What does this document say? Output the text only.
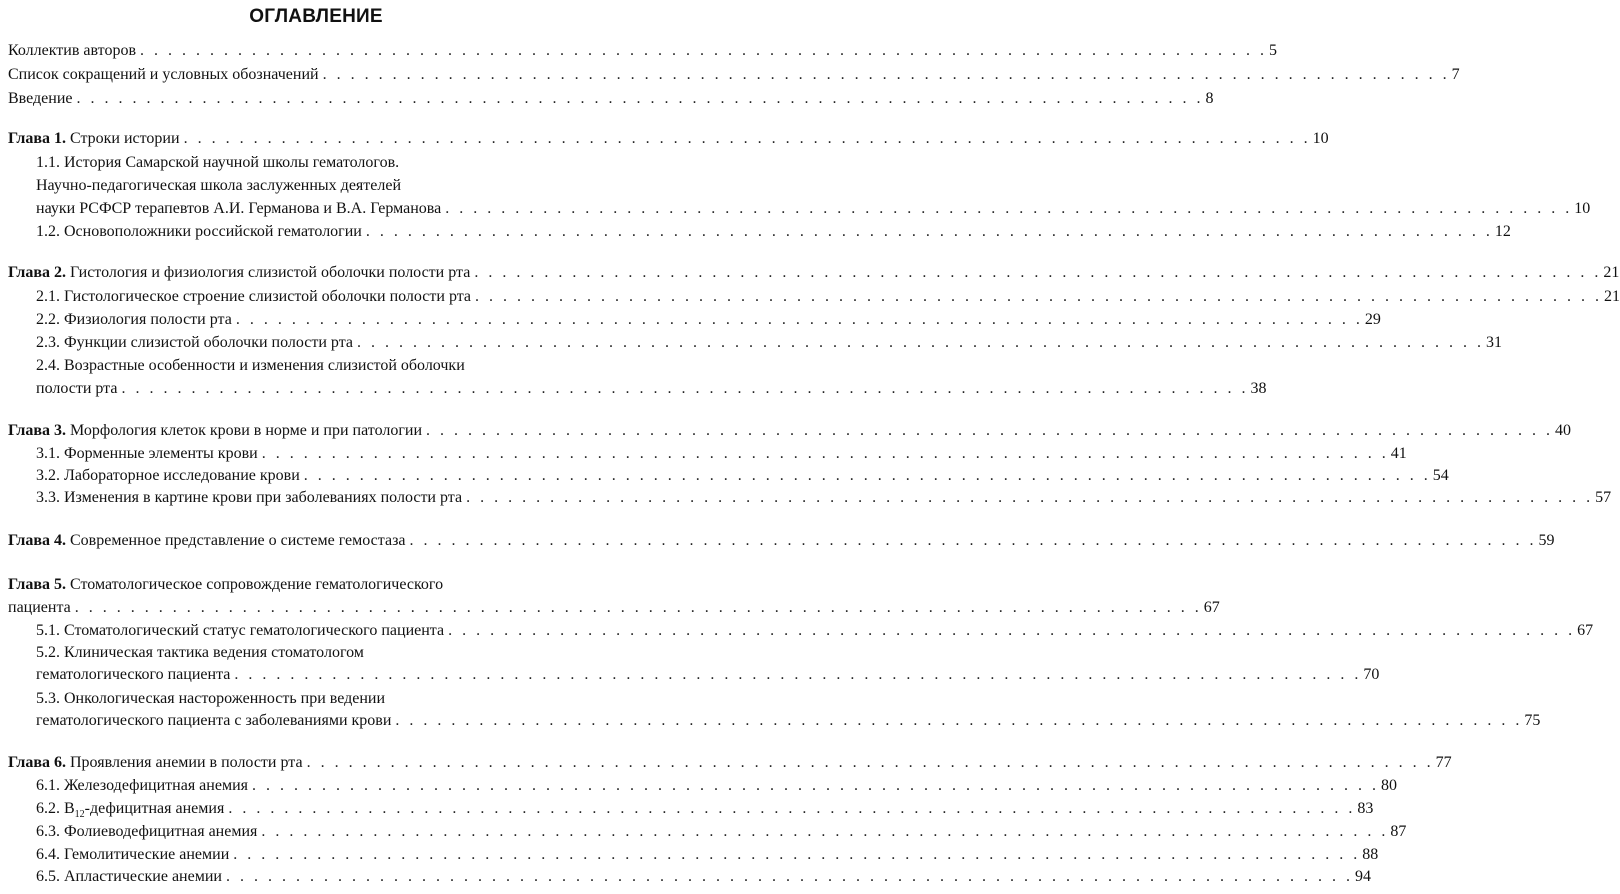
ОГЛАВЛЕНИЕ
Коллектив авторов . . . . . . . . . . . . . . . . . . . . . . . . . . . . . . . . . . . . . . . . . . . . . . . . . . . . . . . . . . . . . . . . . . . . . . . . . . . . . . . . . 5
Список сокращений и условных обозначений . . . . . . . . . . . . . . . . . . . . . . . . . . . . . . . . . . . . . . . . . . . . . . . . . . . . . . . . . . . . . . . . . . . . . . . . . . . . . . . . . 7
Введение . . . . . . . . . . . . . . . . . . . . . . . . . . . . . . . . . . . . . . . . . . . . . . . . . . . . . . . . . . . . . . . . . . . . . . . . . . . . . . . . . 8
Глава 1. Строки истории . . . . . . . . . . . . . . . . . . . . . . . . . . . . . . . . . . . . . . . . . . . . . . . . . . . . . . . . . . . . . . . . . . . . . . . . . . . . . . . . . 10
1.1. История Самарской научной школы гематологов.
Научно-педагогическая школа заслуженных деятелей
науки РСФСР терапевтов А.И. Германова и В.А. Германова . . . . . . . . . . . . . . . . . . . . . . . . . . . . . . . . . . . . . . . . . . . . . . . . . . . . . . . . . . . . . . . . . . . . . . . . . . . . . . . . . 10
1.2. Основоположники российской гематологии . . . . . . . . . . . . . . . . . . . . . . . . . . . . . . . . . . . . . . . . . . . . . . . . . . . . . . . . . . . . . . . . . . . . . . . . . . . . . . . . . 12
Глава 2. Гистология и физиология слизистой оболочки полости рта . . . . . . . . . . . . . . . . . . . . . . . . . . . . . . . . . . . . . . . . . . . . . . . . . . . . . . . . . . . . . . . . . . . . . . . . . . . . . . . . . 21
2.1. Гистологическое строение слизистой оболочки полости рта . . . . . . . . . . . . . . . . . . . . . . . . . . . . . . . . . . . . . . . . . . . . . . . . . . . . . . . . . . . . . . . . . . . . . . . . . . . . . . . . . 21
2.2. Физиология полости рта . . . . . . . . . . . . . . . . . . . . . . . . . . . . . . . . . . . . . . . . . . . . . . . . . . . . . . . . . . . . . . . . . . . . . . . . . . . . . . . . . 29
2.3. Функции слизистой оболочки полости рта . . . . . . . . . . . . . . . . . . . . . . . . . . . . . . . . . . . . . . . . . . . . . . . . . . . . . . . . . . . . . . . . . . . . . . . . . . . . . . . . . 31
2.4. Возрастные особенности и изменения слизистой оболочки
полости рта . . . . . . . . . . . . . . . . . . . . . . . . . . . . . . . . . . . . . . . . . . . . . . . . . . . . . . . . . . . . . . . . . . . . . . . . . . . . . . . . . 38
Глава 3. Морфология клеток крови в норме и при патологии . . . . . . . . . . . . . . . . . . . . . . . . . . . . . . . . . . . . . . . . . . . . . . . . . . . . . . . . . . . . . . . . . . . . . . . . . . . . . . . . . 40
3.1. Форменные элементы крови . . . . . . . . . . . . . . . . . . . . . . . . . . . . . . . . . . . . . . . . . . . . . . . . . . . . . . . . . . . . . . . . . . . . . . . . . . . . . . . . . 41
3.2. Лабораторное исследование крови . . . . . . . . . . . . . . . . . . . . . . . . . . . . . . . . . . . . . . . . . . . . . . . . . . . . . . . . . . . . . . . . . . . . . . . . . . . . . . . . . 54
3.3. Изменения в картине крови при заболеваниях полости рта . . . . . . . . . . . . . . . . . . . . . . . . . . . . . . . . . . . . . . . . . . . . . . . . . . . . . . . . . . . . . . . . . . . . . . . . . . . . . . . . . 57
Глава 4. Современное представление о системе гемостаза . . . . . . . . . . . . . . . . . . . . . . . . . . . . . . . . . . . . . . . . . . . . . . . . . . . . . . . . . . . . . . . . . . . . . . . . . . . . . . . . . 59
Глава 5. Стоматологическое сопровождение гематологического
пациента . . . . . . . . . . . . . . . . . . . . . . . . . . . . . . . . . . . . . . . . . . . . . . . . . . . . . . . . . . . . . . . . . . . . . . . . . . . . . . . . . 67
5.1. Стоматологический статус гематологического пациента . . . . . . . . . . . . . . . . . . . . . . . . . . . . . . . . . . . . . . . . . . . . . . . . . . . . . . . . . . . . . . . . . . . . . . . . . . . . . . . . . 67
5.2. Клиническая тактика ведения стоматологом
гематологического пациента . . . . . . . . . . . . . . . . . . . . . . . . . . . . . . . . . . . . . . . . . . . . . . . . . . . . . . . . . . . . . . . . . . . . . . . . . . . . . . . . . 70
5.3. Онкологическая настороженность при ведении
гематологического пациента с заболеваниями крови . . . . . . . . . . . . . . . . . . . . . . . . . . . . . . . . . . . . . . . . . . . . . . . . . . . . . . . . . . . . . . . . . . . . . . . . . . . . . . . . . 75
Глава 6. Проявления анемии в полости рта . . . . . . . . . . . . . . . . . . . . . . . . . . . . . . . . . . . . . . . . . . . . . . . . . . . . . . . . . . . . . . . . . . . . . . . . . . . . . . . . . 77
6.1. Железодефицитная анемия . . . . . . . . . . . . . . . . . . . . . . . . . . . . . . . . . . . . . . . . . . . . . . . . . . . . . . . . . . . . . . . . . . . . . . . . . . . . . . . . . 80
6.2. $B_{12}$-дефицитная анемия . . . . . . . . . . . . . . . . . . . . . . . . . . . . . . . . . . . . . . . . . . . . . . . . . . . . . . . . . . . . . . . . . . . . . . . . . . . . . . . . . 83
6.3. Фолиеводефицитная анемия . . . . . . . . . . . . . . . . . . . . . . . . . . . . . . . . . . . . . . . . . . . . . . . . . . . . . . . . . . . . . . . . . . . . . . . . . . . . . . . . . 87
6.4. Гемолитические анемии . . . . . . . . . . . . . . . . . . . . . . . . . . . . . . . . . . . . . . . . . . . . . . . . . . . . . . . . . . . . . . . . . . . . . . . . . . . . . . . . . 88
6.5. Апластические анемии . . . . . . . . . . . . . . . . . . . . . . . . . . . . . . . . . . . . . . . . . . . . . . . . . . . . . . . . . . . . . . . . . . . . . . . . . . . . . . . . . 94
